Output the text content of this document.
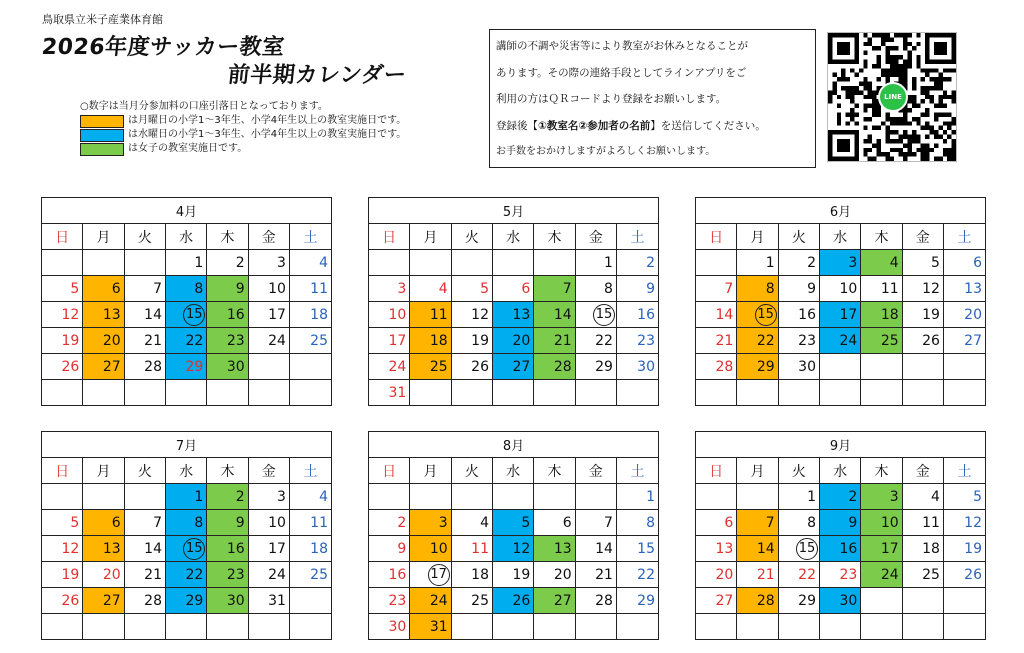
鳥取県立米子産業体育館
2026年度サッカー教室
前半期カレンダー
○数字は当月分参加料の口座引落日となっております。
は月曜日の小学1～3年生、小学4年生以上の教室実施日です。
は水曜日の小学1～3年生、小学4年生以上の教室実施日です。
は女子の教室実施日です。

講師の不調や災害等により教室がお休みとなることが

あります。その際の連絡手段としてラインアプリをご

利用の方はＱＲコードより登録をお願いします。

登録後【①教室名②参加者の名前】を送信してください。

お手数をおかけしますがよろしくお願いします。

LINE
4月						
日	月	火	水	木	金	土
			1	2	3	4
5	6	7	8	9	10	11
12	13	14	15	16	17	18
19	20	21	22	23	24	25
26	27	28	29	30		

5月						
日	月	火	水	木	金	土
					1	2
3	4	5	6	7	8	9
10	11	12	13	14	15	16
17	18	19	20	21	22	23
24	25	26	27	28	29	30
31						
6月						
日	月	火	水	木	金	土
	1	2	3	4	5	6
7	8	9	10	11	12	13
14	15	16	17	18	19	20
21	22	23	24	25	26	27
28	29	30				

7月						
日	月	火	水	木	金	土
			1	2	3	4
5	6	7	8	9	10	11
12	13	14	15	16	17	18
19	20	21	22	23	24	25
26	27	28	29	30	31	

8月						
日	月	火	水	木	金	土
						1
2	3	4	5	6	7	8
9	10	11	12	13	14	15
16	17	18	19	20	21	22
23	24	25	26	27	28	29
30	31					
9月						
日	月	火	水	木	金	土
		1	2	3	4	5
6	7	8	9	10	11	12
13	14	15	16	17	18	19
20	21	22	23	24	25	26
27	28	29	30			
